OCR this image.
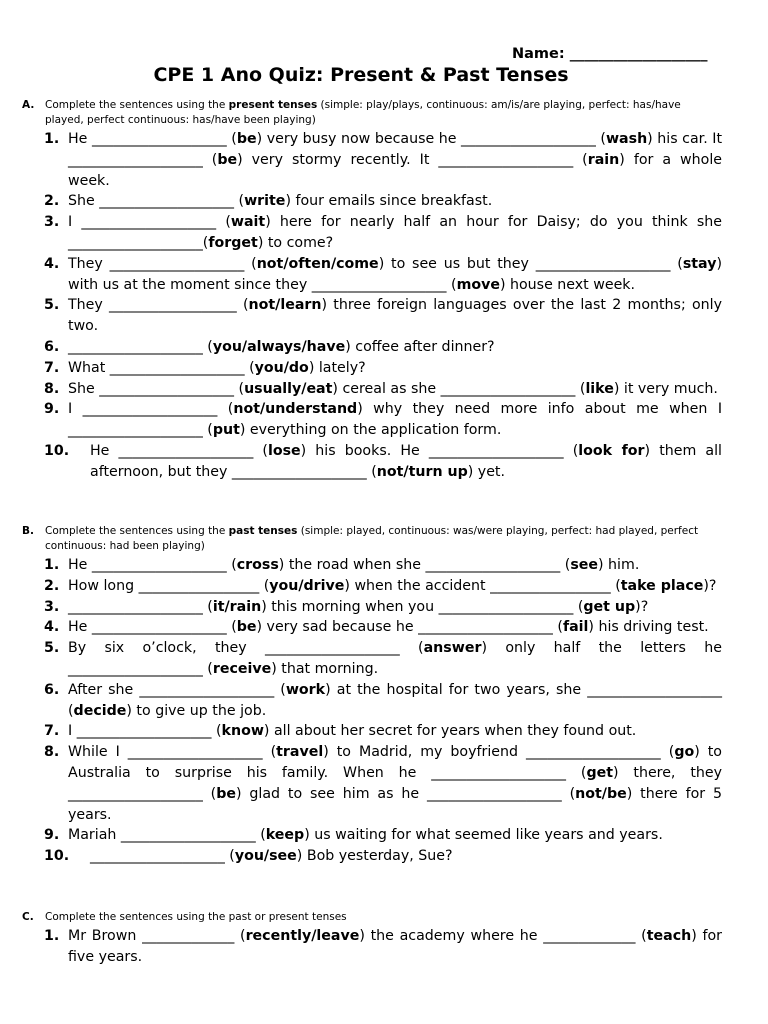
Name: ___________________
CPE 1 Ano Quiz: Present & Past Tenses
A. Complete the sentences using the present tenses (simple: play/plays, continuous: am/is/are playing, perfect: has/have played, perfect continuous: has/have been playing)
1. He ___________________ (be) very busy now because he ___________________ (wash) his car. It ___________________ (be) very stormy recently. It ___________________ (rain) for a whole week.
2. She ___________________ (write) four emails since breakfast.
3. I ___________________ (wait) here for nearly half an hour for Daisy; do you think she ___________________(forget) to come?
4. They ___________________ (not/often/come) to see us but they ___________________ (stay) with us at the moment since they ___________________ (move) house next week.
5. They __________________ (not/learn) three foreign languages over the last 2 months; only two.
6. ___________________ (you/always/have) coffee after dinner?
7. What ___________________ (you/do) lately?
8. She ___________________ (usually/eat) cereal as she ___________________ (like) it very much.
9. I ___________________ (not/understand) why they need more info about me when I ___________________ (put) everything on the application form.
10. He ___________________ (lose) his books. He ___________________ (look for) them all afternoon, but they ___________________ (not/turn up) yet.
B. Complete the sentences using the past tenses (simple: played, continuous: was/were playing, perfect: had played, perfect continuous: had been playing)
1. He ___________________ (cross) the road when she ___________________ (see) him.
2. How long _________________ (you/drive) when the accident _________________ (take place)?
3. ___________________ (it/rain) this morning when you ___________________ (get up)?
4. He ___________________ (be) very sad because he ___________________ (fail) his driving test.
5. By six o’clock, they ___________________ (answer) only half the letters he ___________________ (receive) that morning.
6. After she ___________________ (work) at the hospital for two years, she ___________________ (decide) to give up the job.
7. I ___________________ (know) all about her secret for years when they found out.
8. While I ___________________ (travel) to Madrid, my boyfriend ___________________ (go) to Australia to surprise his family. When he ___________________ (get) there, they ___________________ (be) glad to see him as he ___________________ (not/be) there for 5 years.
9. Mariah ___________________ (keep) us waiting for what seemed like years and years.
10. ___________________ (you/see) Bob yesterday, Sue?
C. Complete the sentences using the past or present tenses
1. Mr Brown _____________ (recently/leave) the academy where he _____________ (teach) for five years.
